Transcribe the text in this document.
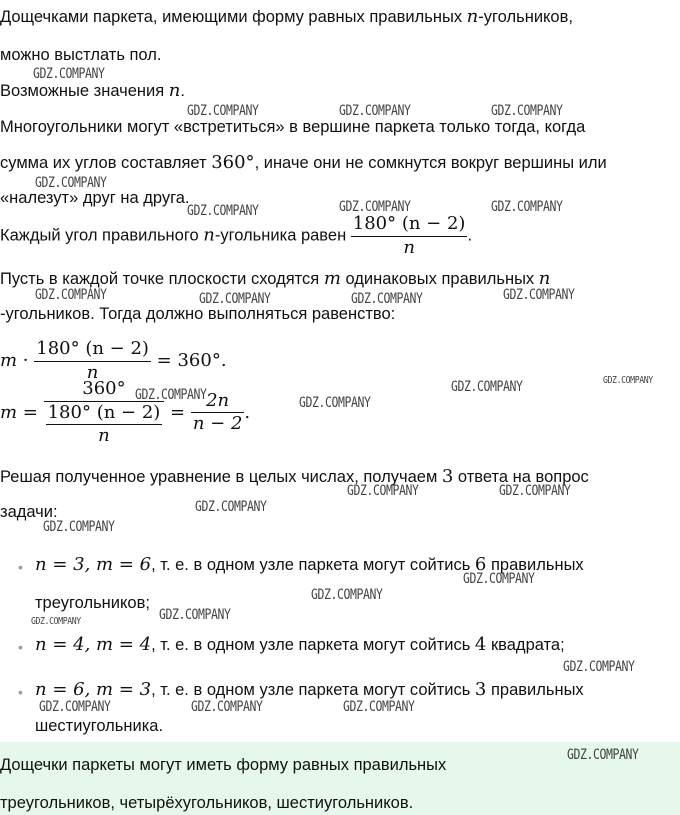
Дощечками паркета, имеющими форму равных правильных n-угольников,
можно выстлать пол.
Возможные значения n.
Многоугольники могут «встретиться» в вершине паркета только тогда, когда
сумма их углов составляет 360°, иначе они не сомкнутся вокруг вершины или
«налезут» друг на друга.
Каждый угол правильного n-угольника равен $\frac{180^\circ (n - 2)}{n}$ .
Пусть в каждой точке плоскости сходятся m одинаковых правильных n
-угольников. Тогда должно выполняться равенство:
$m \cdot \frac{180^\circ (n - 2)}{n} = 360^\circ$.
$m = \frac{360^\circ}{\frac{180^\circ (n - 2)}{n}} = \frac{2n}{n - 2}$ .
Решая полученное уравнение в целых числах, получаем 3 ответа на вопрос
задачи:
• n = 3, m = 6, т. е. в одном узле паркета могут сойтись 6 правильных
треугольников;
• n = 4, m = 4, т. е. в одном узле паркета могут сойтись 4 квадрата;
• n = 6, m = 3, т. е. в одном узле паркета могут сойтись 3 правильных
шестиугольника.
Дощечки паркеты могут иметь форму равных правильных
треугольников, четырёхугольников, шестиугольников.
GDZ.COMPANY
GDZ.COMPANY	GDZ.COMPANY	GDZ.COMPANY
GDZ.COMPANY
GDZ.COMPANY	GDZ.COMPANY	GDZ.COMPANY
GDZ.COMPANY	GDZ.COMPANY	GDZ.COMPANY	GDZ.COMPANY
GDZ.COMPANY	GDZ.COMPANY
GDZ.COMPANY	GDZ.COMPANY
GDZ.COMPANY	GDZ.COMPANY
GDZ.COMPANY
GDZ.COMPANY
GDZ.COMPANY
GDZ.COMPANY
GDZ.COMPANY
GDZ.COMPANY
GDZ.COMPANY
GDZ.COMPANY	GDZ.COMPANY	GDZ.COMPANY
GDZ.COMPANY
